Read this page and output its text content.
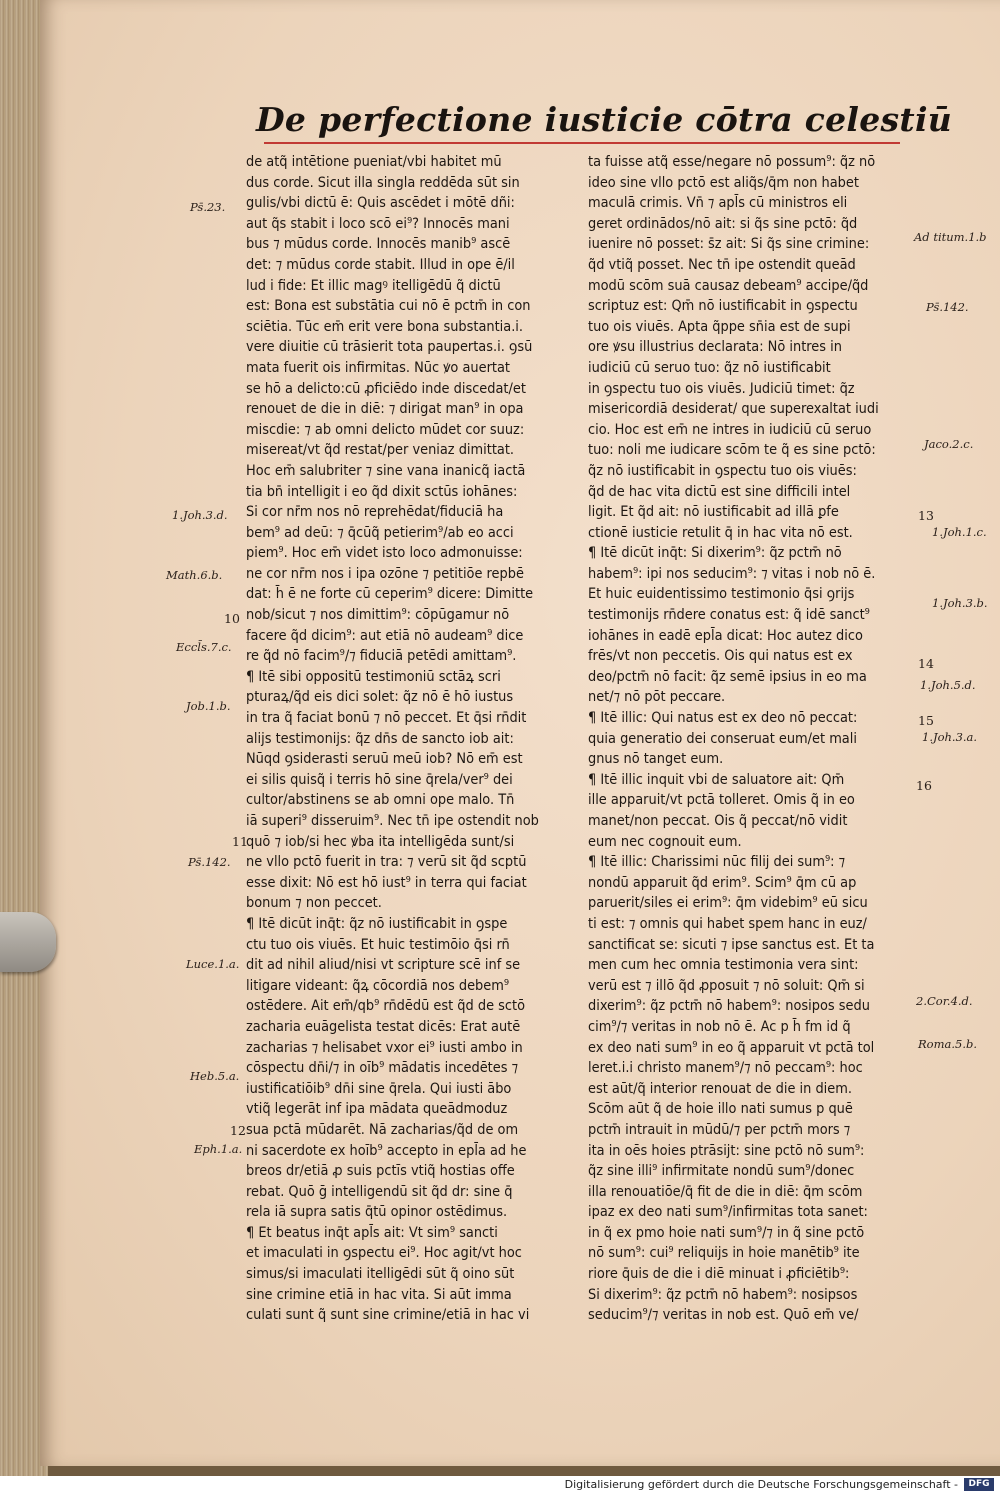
De perfectione iusticie cōtra celestiū
de atq̃ intētione pueniat/vbi habitet mū
dus corde. Sicut illa singla reddēda sūt sin
gulis/vbi dictū ē: Quis ascēdet i mōtē dñi:
aut q̃s stabit i loco scō ei⁹? Innocēs mani
bus ⁊ mūdus corde. Innocēs manib⁹ ascē
det: ⁊ mūdus corde stabit. Illud in ope ē/il
lud i fide: Et illic magꝰ itelligēdū q̃ dictū
est: Bona est substātia cui nō ē pctm̄ in con
sciētia. Tūc em̄ erit vere bona substantia.i.
vere diuitie cū trāsierit tota paupertas.i. ꝯsū
mata fuerit ois infirmitas. Nūc ꝟo auertat
se hō a delicto:cū ꝓficiēdo inde discedat/et
renouet de die in diē: ⁊ dirigat man⁹ in opa
miscdie: ⁊ ab omni delicto mūdet cor suuz:
misereat/vt q̃d restat/per veniaz dimittat.
Hoc em̄ salubriter ⁊ sine vana inanicq̃ iactā
tia bn̄ intelligit i eo q̃d dixit sctūs iohānes:
Si cor nr̄m nos nō reprehēdat/fiduciā ha
bem⁹ ad deū: ⁊ q̄cūq̃ petierim⁹/ab eo acci
piem⁹. Hoc em̄ videt isto loco admonuisse:
ne cor nr̄m nos i ipa ozōne ⁊ petitiōe repbē
dat: h̄ ē ne forte cū ceperim⁹ dicere: Dimitte
nob/sicut ⁊ nos dimittim⁹: cōpūgamur nō
facere q̃d dicim⁹: aut etiā nō audeam⁹ dice
re q̃d nō facim⁹/⁊ fiduciā petēdi amittam⁹.
¶ Itē sibi oppositū testimoniū sctāꝝ scri
pturaꝝ/q̃d eis dici solet: q̃z nō ē hō iustus
in tra q̃ faciat bonū ⁊ nō peccet. Et q̄si rn̄dit
alijs testimonijs: q̃z dn̄s de sancto iob ait:
Nūqd ꝯsiderasti seruū meū iob? Nō em̄ est
ei silis quisq̃ i terris hō sine q̄rela/ver⁹ dei
cultor/abstinens se ab omni ope malo. Tn̄
iā superi⁹ disseruim⁹. Nec tn̄ ipe ostendit nob
quō ⁊ iob/si hec ꝟba ita intelligēda sunt/si
ne vllo pctō fuerit in tra: ⁊ verū sit q̃d scptū
esse dixit: Nō est hō iust⁹ in terra qui faciat
bonum ⁊ non peccet.
¶ Itē dicūt inq̄t: q̃z nō iustificabit in ꝯspe
ctu tuo ois viuēs. Et huic testimōio q̄si rn̄
dit ad nihil aliud/nisi vt scripture scē inf se
litigare videant: q̃ꝝ cōcordiā nos debem⁹
ostēdere. Ait em̄/qb⁹ rn̄dēdū est q̃d de sctō
zacharia euāgelista testat dicēs: Erat autē
zacharias ⁊ helisabet vxor ei⁹ iusti ambo in
cōspectu dn̄i/⁊ in oīb⁹ mādatis incedētes ⁊
iustificatiōib⁹ dn̄i sine q̄rela. Qui iusti ābo
vtiq̃ legerāt inf ipa mādata queādmoduz
sua pctā mūdarēt. Nā zacharias/q̃d de om
ni sacerdote ex hoīb⁹ accepto in epl̄a ad he
breos dr/etiā ꝓ suis pctīs vtiq̃ hostias offe
rebat. Quō ḡ intelligendū sit q̃d dr: sine q̄
rela iā supra satis q̄tū opinor ostēdimus.
¶ Et beatus inq̄t apl̄s ait: Vt sim⁹ sancti
et imaculati in ꝯspectu ei⁹. Hoc agit/vt hoc
simus/si imaculati itelligēdi sūt q̃ oino sūt
sine crimine etiā in hac vita. Si aūt imma
culati sunt q̃ sunt sine crimine/etiā in hac vi
ta fuisse atq̃ esse/negare nō possum⁹: q̃z nō
ideo sine vllo pctō est aliq̃s/q̄m non habet
maculā crimis. Vn̄ ⁊ apl̄s cū ministros eli
geret ordinādos/nō ait: si q̃s sine pctō: q̃d
iuenire nō posset: s̄z ait: Si q̃s sine crimine:
q̃d vtiq̃ posset. Nec tn̄ ipe ostendit queād
modū scōm suā causaz debeam⁹ accipe/q̃d
scriptuz est: Qm̄ nō iustificabit in ꝯspectu
tuo ois viuēs. Apta q̃ppe sn̄ia est de supi
ore ꝟsu illustrius declarata: Nō intres in
iudiciū cū seruo tuo: q̃z nō iustificabit
in ꝯspectu tuo ois viuēs. Judiciū timet: q̃z
misericordiā desiderat/ que superexaltat iudi
cio. Hoc est em̄ ne intres in iudiciū cū seruo
tuo: noli me iudicare scōm te q̃ es sine pctō:
q̃z nō iustificabit in ꝯspectu tuo ois viuēs:
q̃d de hac vita dictū est sine difficili intel
ligit. Et q̃d ait: nō iustificabit ad illā ꝑfe
ctionē iusticie retulit q̄ in hac vita nō est.
¶ Itē dicūt inq̄t: Si dixerim⁹: q̃z pctm̄ nō
habem⁹: ipi nos seducim⁹: ⁊ vitas i nob nō ē.
Et huic euidentissimo testimonio q̄si ꝯrijs
testimonijs rn̄dere conatus est: q̃ idē sanct⁹
iohānes in eadē epl̄a dicat: Hoc autez dico
frēs/vt non peccetis. Ois qui natus est ex
deo/pctm̄ nō facit: q̃z semē ipsius in eo ma
net/⁊ nō pōt peccare.
¶ Itē illic: Qui natus est ex deo nō peccat:
quia generatio dei conseruat eum/et mali
gnus nō tanget eum.
¶ Itē illic inquit vbi de saluatore ait: Qm̄
ille apparuit/vt pctā tolleret. Omis q̃ in eo
manet/non peccat. Ois q̃ peccat/nō vidit
eum nec cognouit eum.
¶ Itē illic: Charissimi nūc filij dei sum⁹: ⁊
nondū apparuit q̃d erim⁹. Scim⁹ q̄m cū ap
paruerit/siles ei erim⁹: q̄m videbim⁹ eū sicu
ti est: ⁊ omnis qui habet spem hanc in euz/
sanctificat se: sicuti ⁊ ipse sanctus est. Et ta
men cum hec omnia testimonia vera sint:
verū est ⁊ illō q̃d ꝓposuit ⁊ nō soluit: Qm̄ si
dixerim⁹: q̃z pctm̄ nō habem⁹: nosipos sedu
cim⁹/⁊ veritas in nob nō ē. Ac p h̄ fm id q̃
ex deo nati sum⁹ in eo q̃ apparuit vt pctā tol
leret.i.i christo manem⁹/⁊ nō peccam⁹: hoc
est aūt/q̃ interior renouat de die in diem.
Scōm aūt q̃ de hoie illo nati sumus p quē
pctm̄ intrauit in mūdū/⁊ per pctm̄ mors ⁊
ita in oēs hoies ptrāsijt: sine pctō nō sum⁹:
q̃z sine illi⁹ infirmitate nondū sum⁹/donec
illa renouatiōe/q̄ fit de die in diē: q̄m scōm
ipaz ex deo nati sum⁹/infirmitas tota sanet:
in q̃ ex pmo hoie nati sum⁹/⁊ in q̃ sine pctō
nō sum⁹: cui⁹ reliquijs in hoie manētib⁹ ite
riore q̄uis de die i diē minuat i ꝓficiētib⁹:
Si dixerim⁹: q̃z pctm̄ nō habem⁹: nosipsos
seducim⁹/⁊ veritas in nob est. Quō em̄ ve/
Ps̄.23.
1.Joh.3.d.
Math.6.b.
Eccl̄s.7.c.
Job.1.b.
Ps̄.142.
Luce.1.a.
Heb.5.a.
Eph.1.a.
Ad titum.1.b
Ps̄.142.
Jaco.2.c.
1.Joh.1.c.
1.Joh.3.b.
1.Joh.5.d.
1.Joh.3.a.
2.Cor.4.d.
Roma.5.b.
10
11
12
13
14
15
16
Digitalisierung gefördert durch die Deutsche Forschungsgemeinschaft -	DFG
